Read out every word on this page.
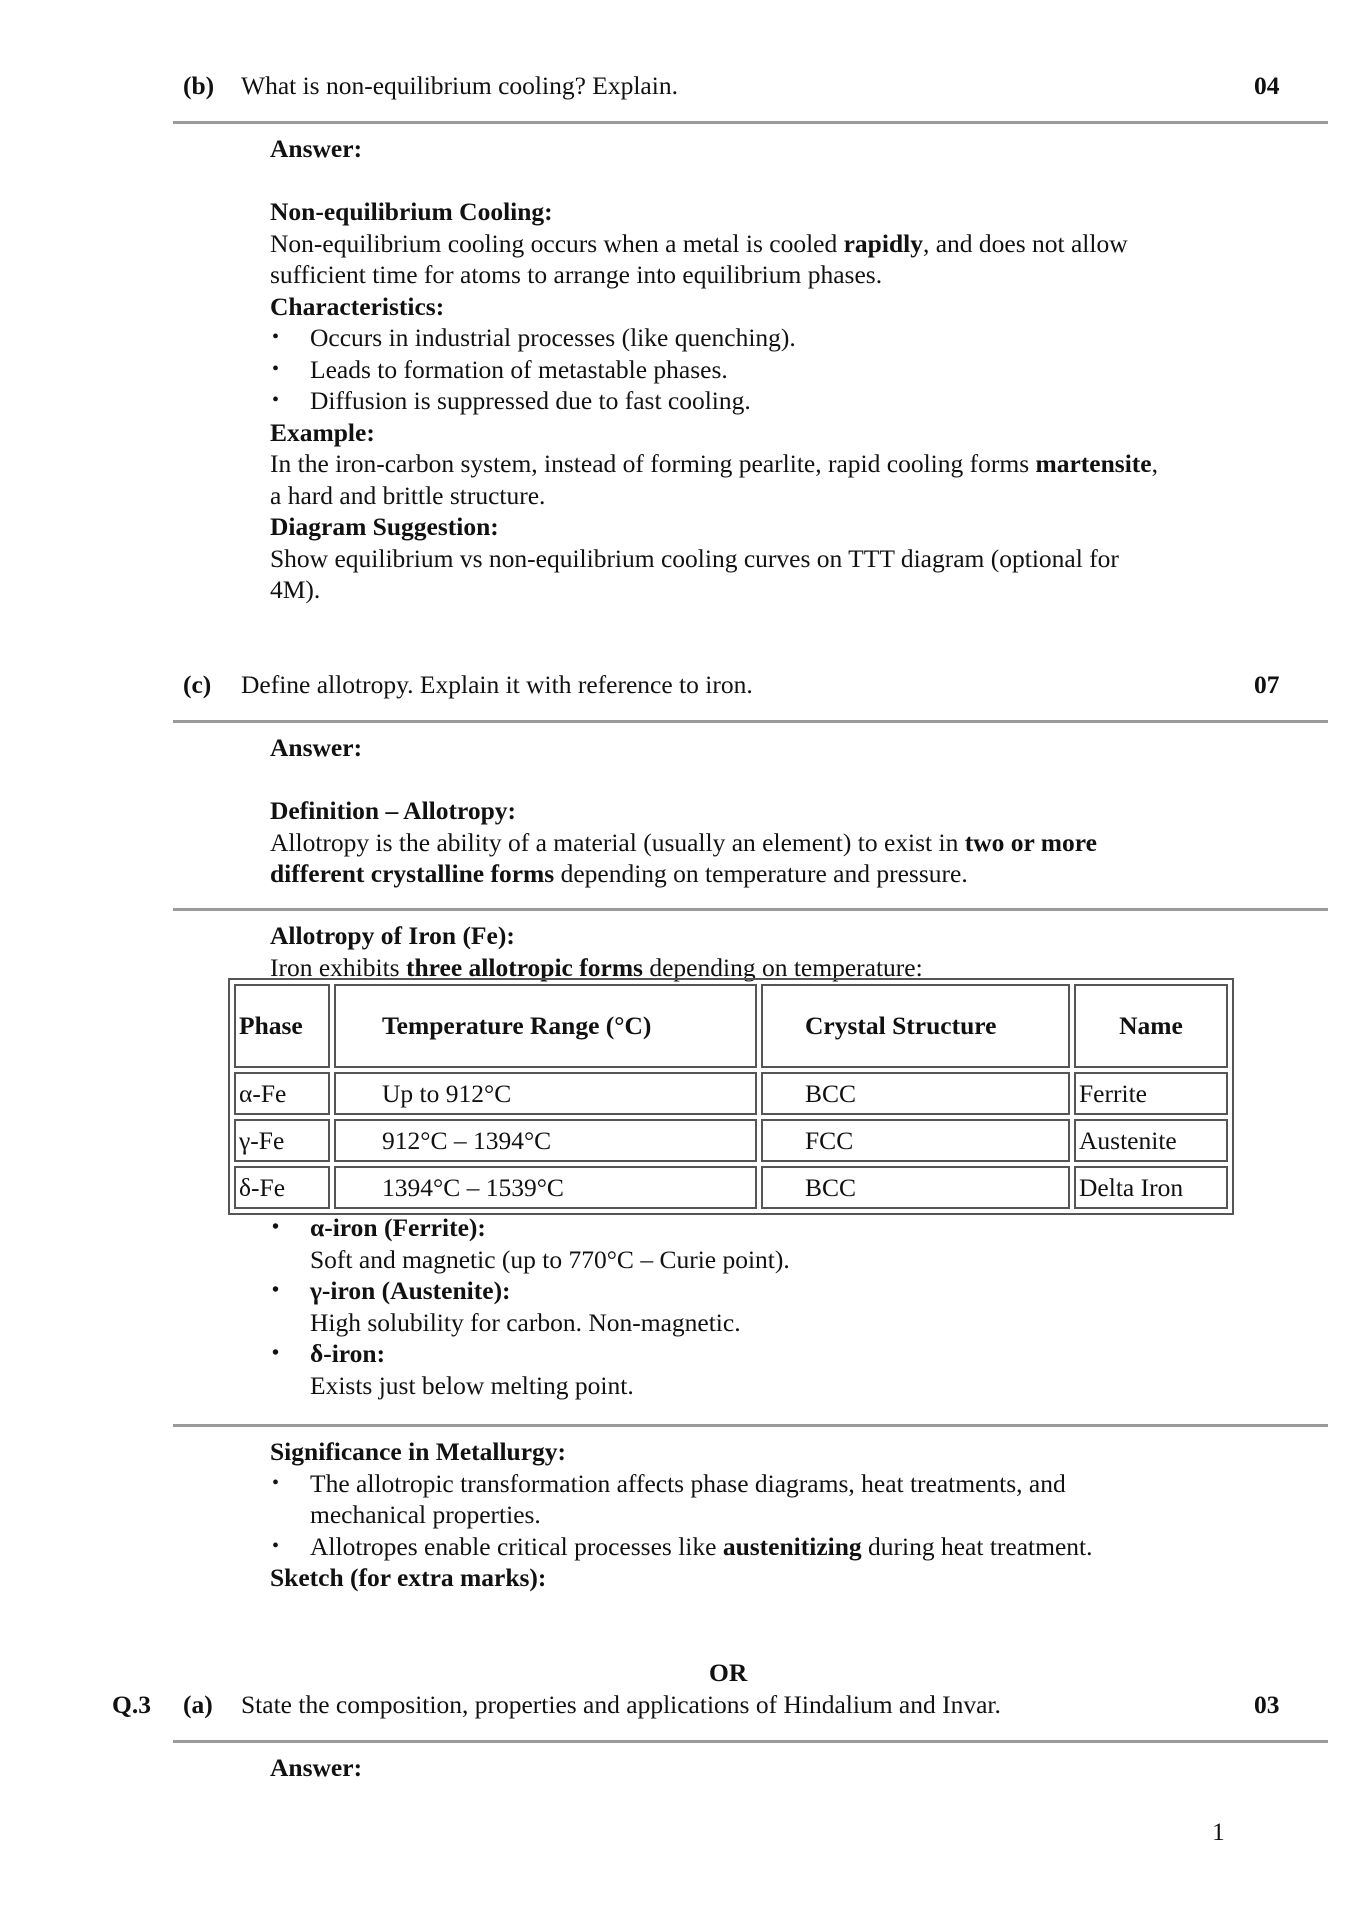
(b) What is non-equilibrium cooling? Explain.	04
Answer:

Non-equilibrium Cooling:
Non-equilibrium cooling occurs when a metal is cooled rapidly, and does not allow
sufficient time for atoms to arrange into equilibrium phases.
Characteristics:
• Occurs in industrial processes (like quenching).
• Leads to formation of metastable phases.
• Diffusion is suppressed due to fast cooling.
Example:
In the iron-carbon system, instead of forming pearlite, rapid cooling forms martensite,
a hard and brittle structure.
Diagram Suggestion:
Show equilibrium vs non-equilibrium cooling curves on TTT diagram (optional for
4M).
(c) Define allotropy. Explain it with reference to iron.	07
Answer:

Definition – Allotropy:
Allotropy is the ability of a material (usually an element) to exist in two or more
different crystalline forms depending on temperature and pressure.
Allotropy of Iron (Fe):
Iron exhibits three allotropic forms depending on temperature:
Phase	Temperature Range (°C)	Crystal Structure	Name
α-Fe	Up to 912°C	BCC	Ferrite
γ-Fe	912°C – 1394°C	FCC	Austenite
δ-Fe	1394°C – 1539°C	BCC	Delta Iron
• α-iron (Ferrite):
Soft and magnetic (up to 770°C – Curie point).
• γ-iron (Austenite):
High solubility for carbon. Non-magnetic.
• δ-iron:
Exists just below melting point.
Significance in Metallurgy:
• The allotropic transformation affects phase diagrams, heat treatments, and
mechanical properties.
• Allotropes enable critical processes like austenitizing during heat treatment.
Sketch (for extra marks):
OR
Q.3 (a) State the composition, properties and applications of Hindalium and Invar.	03
Answer:
1
